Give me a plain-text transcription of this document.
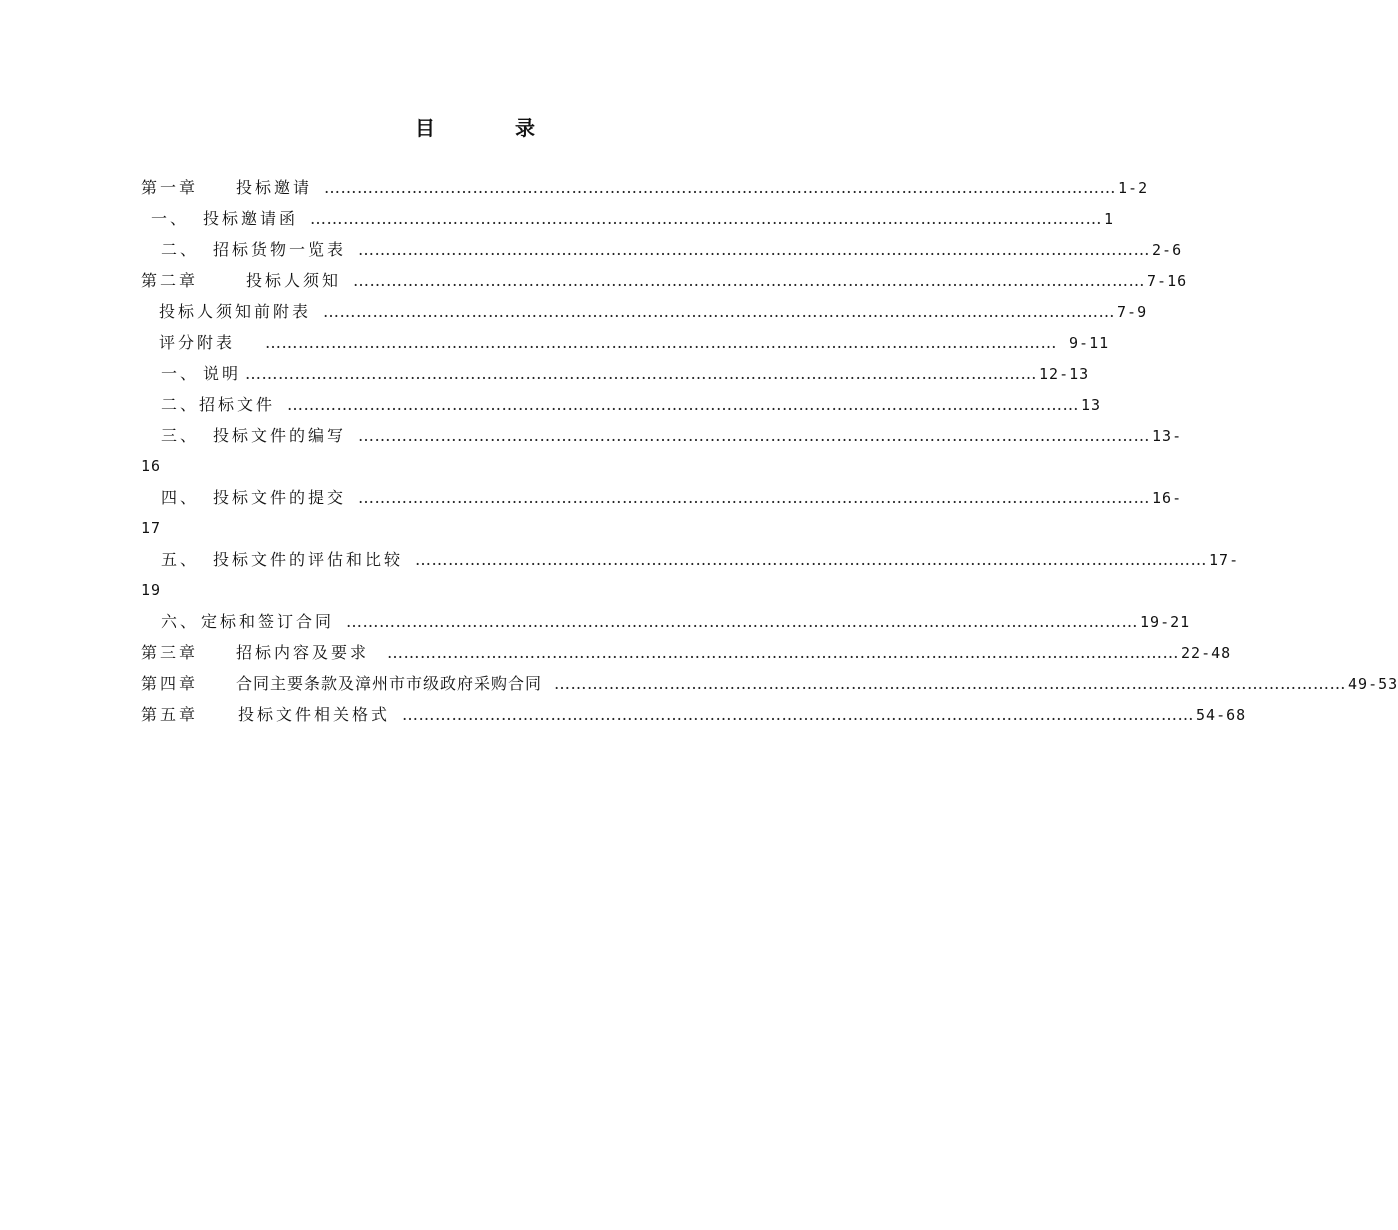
目　录
第一章 投标邀请 ……………………………………………………………………………………………………………………………… 1-2
一、 投标邀请函 ……………………………………………………………………………………………………………………………… 1
二、 招标货物一览表 ……………………………………………………………………………………………………………………………… 2-6
第二章	投标人须知 ……………………………………………………………………………………………………………………………… 7-16
投标人须知前附表 ……………………………………………………………………………………………………………………………… 7-9
评分附表 ……………………………………………………………………………………………………………………………… 9-11
一、 说明 ……………………………………………………………………………………………………………………………… 12-13
二、 招标文件 ……………………………………………………………………………………………………………………………… 13
三、 投标文件的编写 ……………………………………………………………………………………………………………………………… 13-
16
四、 投标文件的提交 ……………………………………………………………………………………………………………………………… 16-
17
五、 投标文件的评估和比较 ……………………………………………………………………………………………………………………………… 17-
19
六、 定标和签订合同 ……………………………………………………………………………………………………………………………… 19-21
第三章 招标内容及要求 ……………………………………………………………………………………………………………………………… 22-48
第四章 合同主要条款及漳州市市级政府采购合同 ……………………………………………………………………………………………………………………………… 49-53
第五章	投标文件相关格式 ……………………………………………………………………………………………………………………………… 54-68
